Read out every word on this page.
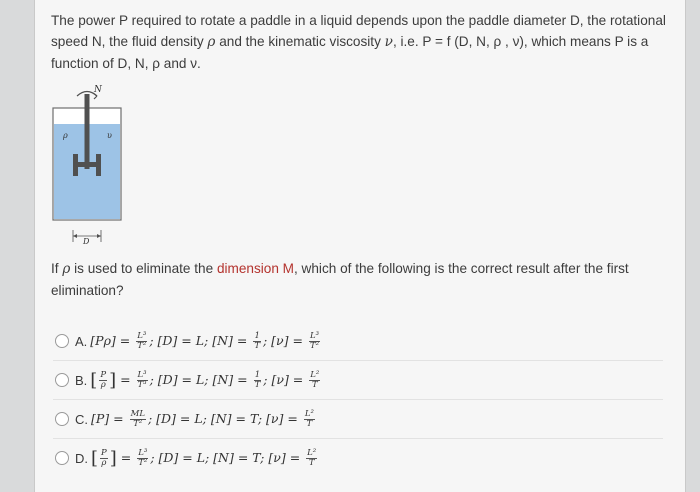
The power P required to rotate a paddle in a liquid depends upon the paddle diameter D, the rotational
speed N, the fluid density ρ and the kinematic viscosity ν, i.e. P = f (D, N, ρ , ν), which means P is a
function of D, N, ρ and ν.
N
ρ	υ
D
If ρ is used to eliminate the dimension M, which of the following is the correct result after the first
elimination?
A. $[P\rho] = \frac{\text{L³}}{\text{T²}}$ ; [D] = L; $[N] = \frac{1}{T}$ ; $[\nu] = \frac{\text{L³}}{\text{T²}}$
B. [ $\frac{P}{\rho}$ ] = $\frac{\text{L³}}{\text{T³}}$ ; [D] = L; $[N] = \frac{1}{T}$ ; $[\nu] = \frac{\text{L²}}{T}$
C. $[P] = \frac{ML}{\text{T²}}$ ; [D] = L; [N] = T; $[\nu] = \frac{\text{L²}}{T}$
D. [ $\frac{P}{\rho}$ ] = $\frac{\text{L³}}{\text{T²}}$ ; [D] = L; [N] = T; $[\nu] = \frac{\text{L²}}{T}$
